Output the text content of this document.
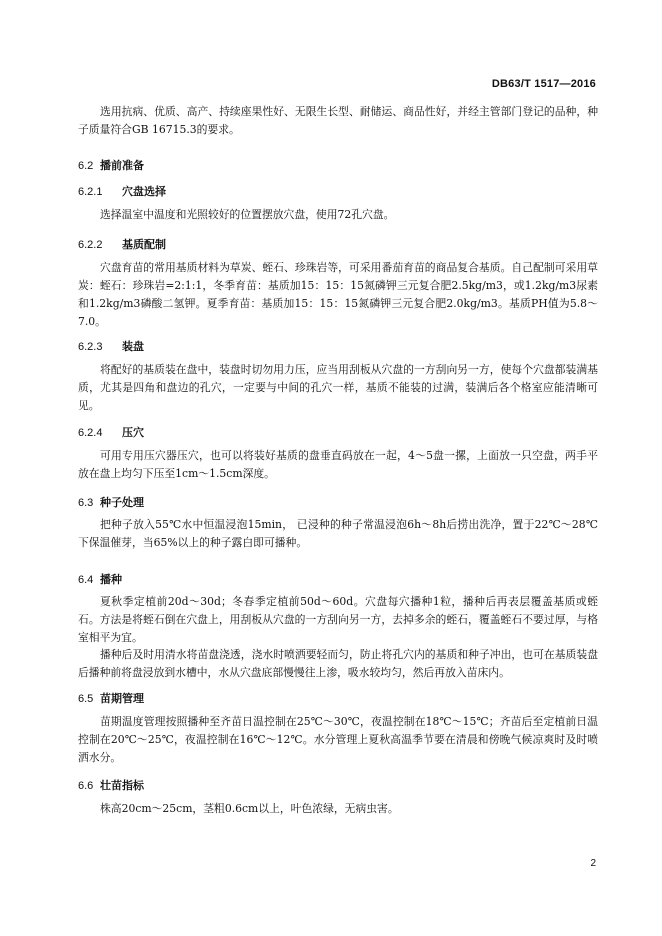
DB63/T 1517—2016

选用抗病、优质、高产、持续座果性好、无限生长型、耐储运、商品性好，并经主管部门登记的品种，种子质量符合GB 16715.3的要求。

6.2 播前准备
6.2.1 穴盘选择

选择温室中温度和光照较好的位置摆放穴盘，使用72孔穴盘。

6.2.2 基质配制

穴盘育苗的常用基质材料为草炭、蛭石、珍珠岩等，可采用番茄育苗的商品复合基质。自己配制可采用草炭：蛭石：珍珠岩=2:1:1，冬季育苗：基质加15：15：15氮磷钾三元复合肥2.5kg/m3，或1.2kg/m3尿素和1.2kg/m3磷酸二氢钾。夏季育苗：基质加15：15：15氮磷钾三元复合肥2.0kg/m3。基质PH值为5.8～7.0。

6.2.3 装盘

将配好的基质装在盘中，装盘时切勿用力压，应当用刮板从穴盘的一方刮向另一方，使每个穴盘都装满基质，尤其是四角和盘边的孔穴，一定要与中间的孔穴一样，基质不能装的过满，装满后各个格室应能清晰可见。

6.2.4 压穴

可用专用压穴器压穴，也可以将装好基质的盘垂直码放在一起，4～5盘一摞，上面放一只空盘，两手平放在盘上均匀下压至1cm～1.5cm深度。

6.3 种子处理

把种子放入55℃水中恒温浸泡15min， 已浸种的种子常温浸泡6h～8h后捞出洗净，置于22℃～28℃下保温催芽，当65%以上的种子露白即可播种。

6.4 播种

夏秋季定植前20d～30d；冬春季定植前50d～60d。穴盘每穴播种1粒，播种后再表层覆盖基质或蛭石。方法是将蛭石倒在穴盘上，用刮板从穴盘的一方刮向另一方，去掉多余的蛭石，覆盖蛭石不要过厚，与格室相平为宜。

播种后及时用清水将苗盘浇透，浇水时喷洒要轻而匀，防止将孔穴内的基质和种子冲出，也可在基质装盘后播种前将盘浸放到水槽中，水从穴盘底部慢慢往上渗，吸水较均匀，然后再放入苗床内。

6.5 苗期管理

苗期温度管理按照播种至齐苗日温控制在25℃～30℃，夜温控制在18℃～15℃；齐苗后至定植前日温控制在20℃～25℃，夜温控制在16℃～12℃。水分管理上夏秋高温季节要在清晨和傍晚气候凉爽时及时喷洒水分。

6.6 壮苗指标

株高20cm～25cm，茎粗0.6cm以上，叶色浓绿，无病虫害。

2
